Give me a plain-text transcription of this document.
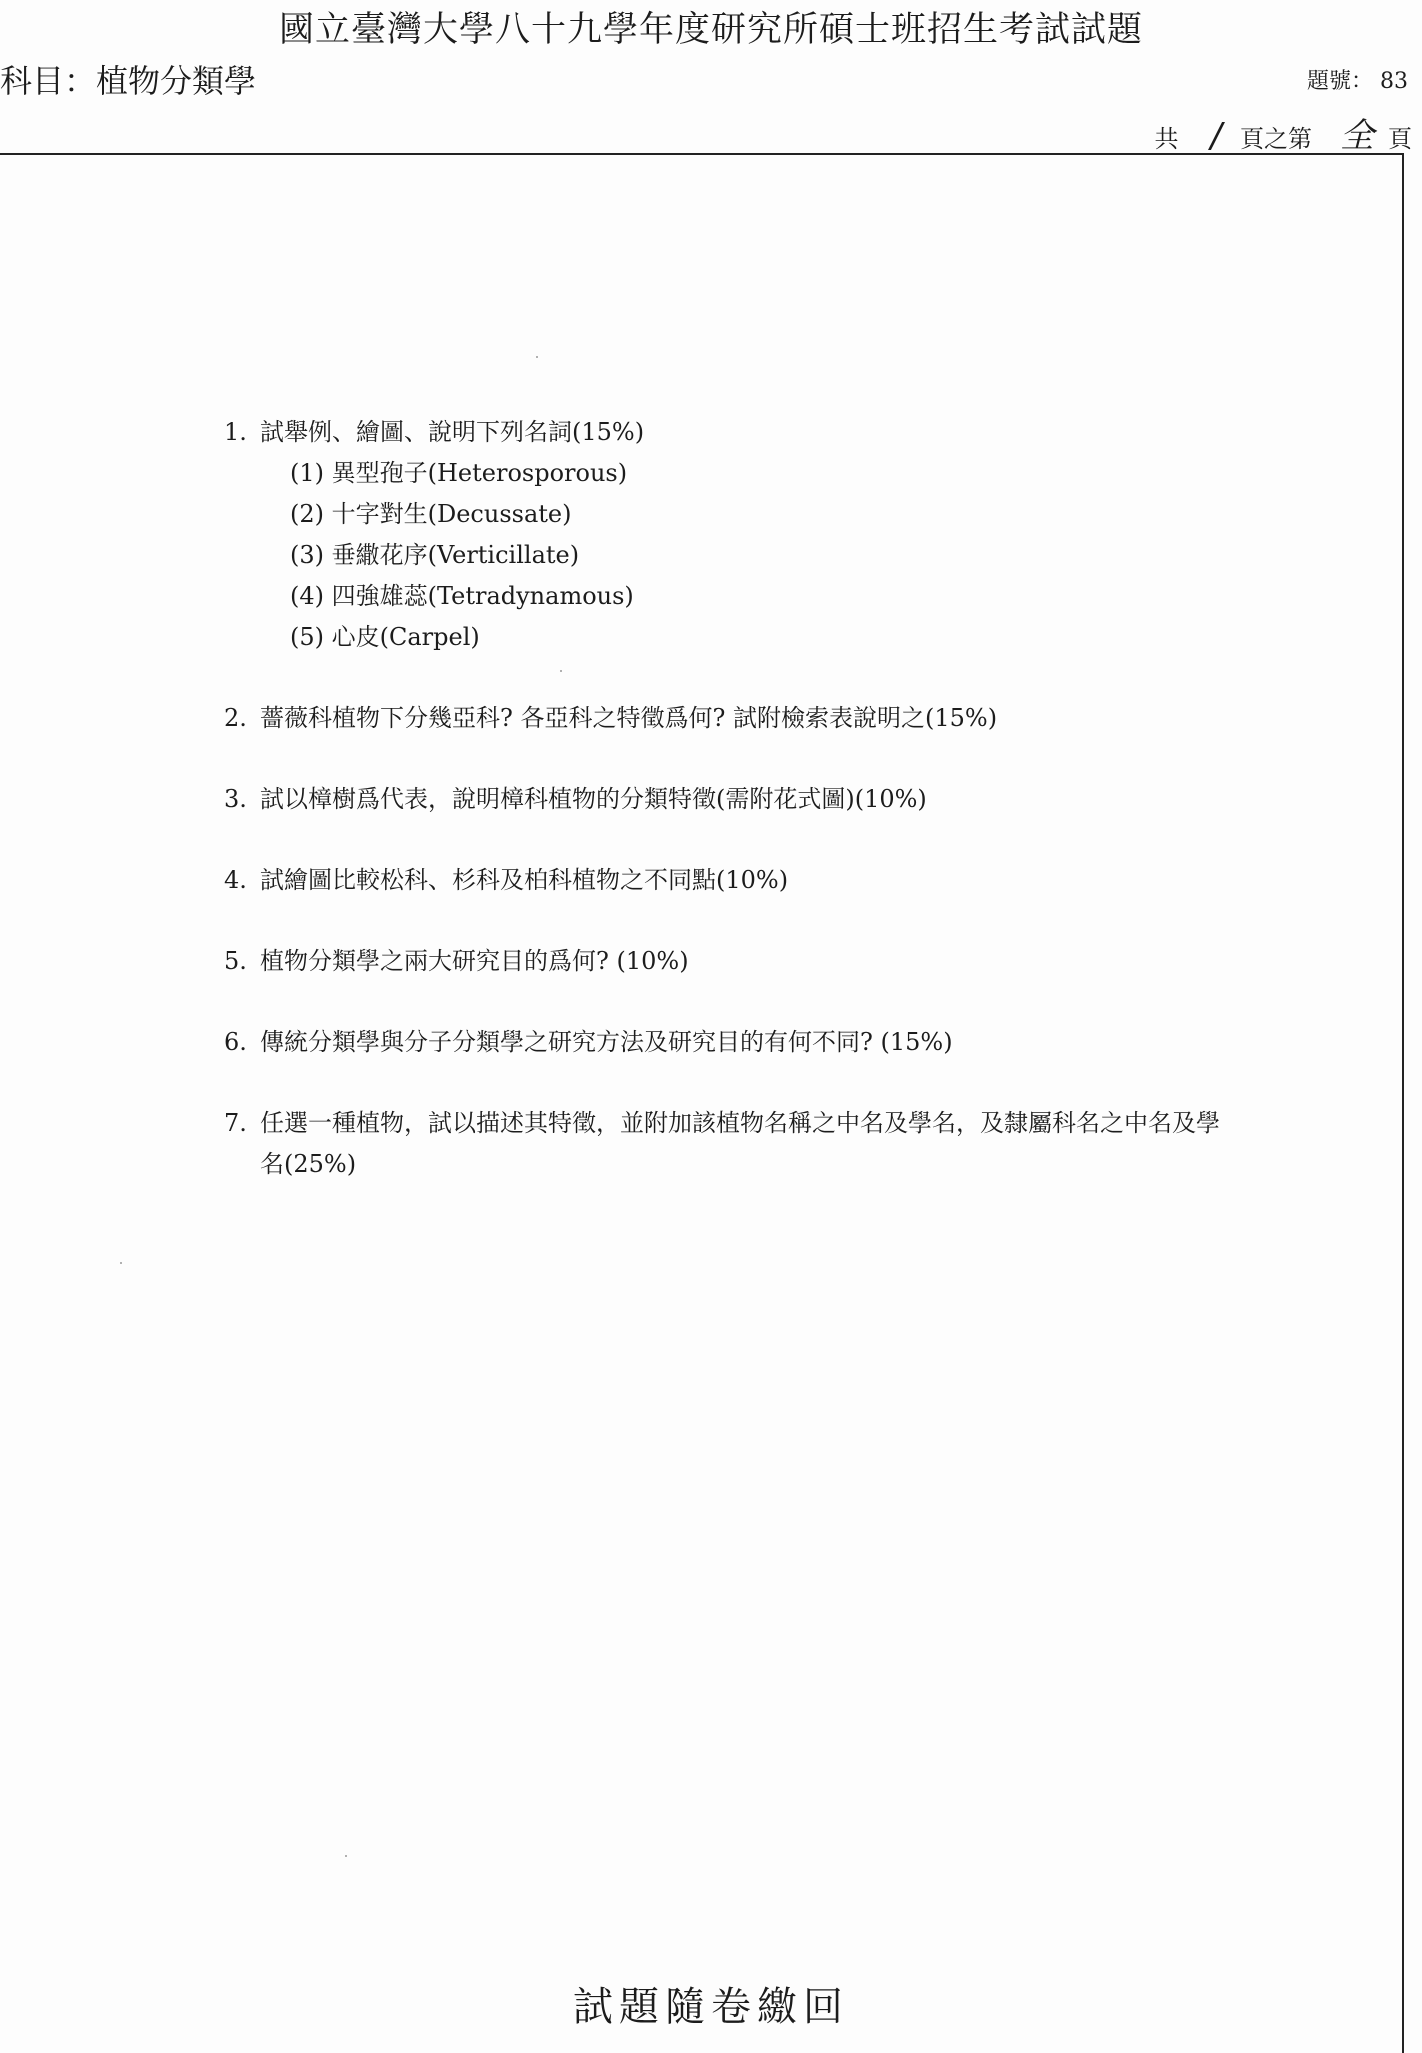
國立臺灣大學八十九學年度研究所碩士班招生考試試題
科目：植物分類學	題號： 83
共 / 頁之第 全 頁
1. 試舉例、繪圖、說明下列名詞(15%)
(1) 異型孢子(Heterosporous)
(2) 十字對生(Decussate)
(3) 垂繖花序(Verticillate)
(4) 四強雄蕊(Tetradynamous)
(5) 心皮(Carpel)
2. 薔薇科植物下分幾亞科? 各亞科之特徵爲何? 試附檢索表說明之(15%)
3. 試以樟樹爲代表，說明樟科植物的分類特徵(需附花式圖)(10%)
4. 試繪圖比較松科、杉科及柏科植物之不同點(10%)
5. 植物分類學之兩大研究目的爲何? (10%)
6. 傳統分類學與分子分類學之研究方法及研究目的有何不同? (15%)
7. 任選一種植物，試以描述其特徵，並附加該植物名稱之中名及學名，及隸屬科名之中名及學名(25%)
試題隨卷繳回
